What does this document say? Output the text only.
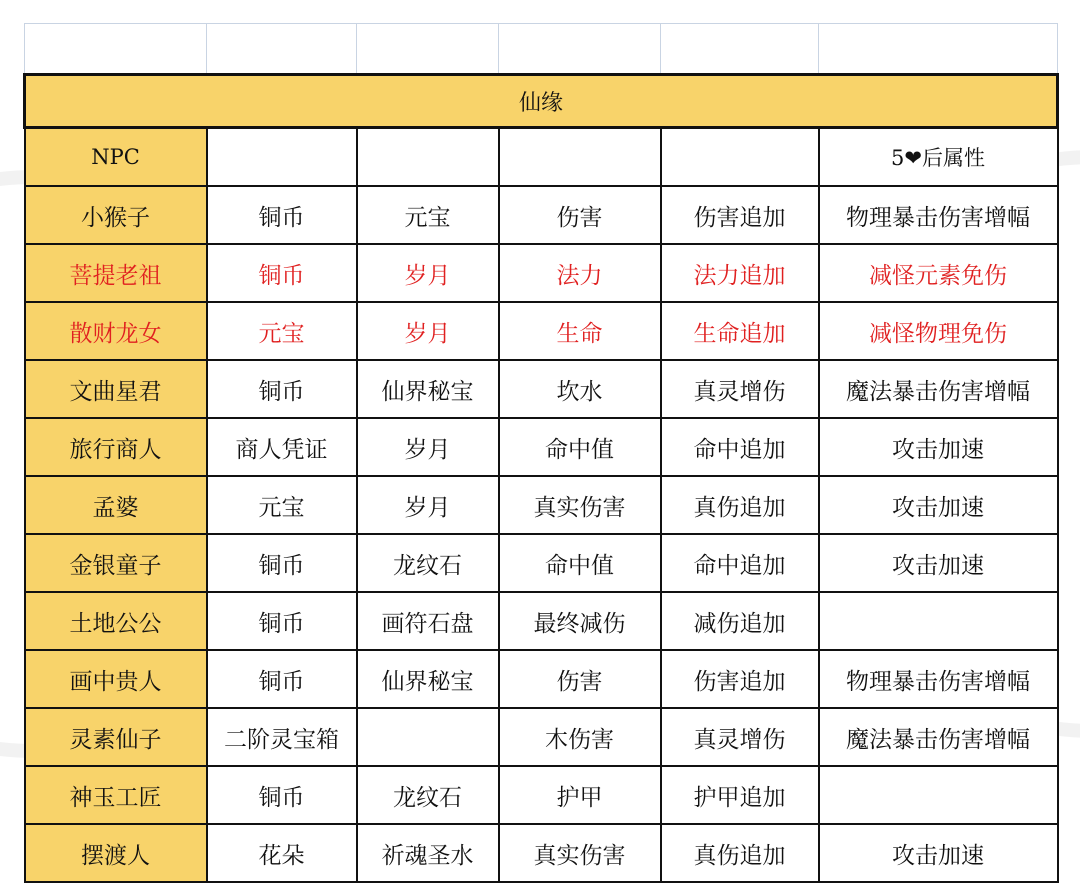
仙缘					
NPC					5❤后属性
小猴子	铜币	元宝	伤害	伤害追加	物理暴击伤害增幅
菩提老祖	铜币	岁月	法力	法力追加	减怪元素免伤
散财龙女	元宝	岁月	生命	生命追加	减怪物理免伤
文曲星君	铜币	仙界秘宝	坎水	真灵增伤	魔法暴击伤害增幅
旅行商人	商人凭证	岁月	命中值	命中追加	攻击加速
孟婆	元宝	岁月	真实伤害	真伤追加	攻击加速
金银童子	铜币	龙纹石	命中值	命中追加	攻击加速
土地公公	铜币	画符石盘	最终减伤	减伤追加	
画中贵人	铜币	仙界秘宝	伤害	伤害追加	物理暴击伤害增幅
灵素仙子	二阶灵宝箱		木伤害	真灵增伤	魔法暴击伤害增幅
神玉工匠	铜币	龙纹石	护甲	护甲追加	
摆渡人	花朵	祈魂圣水	真实伤害	真伤追加	攻击加速
